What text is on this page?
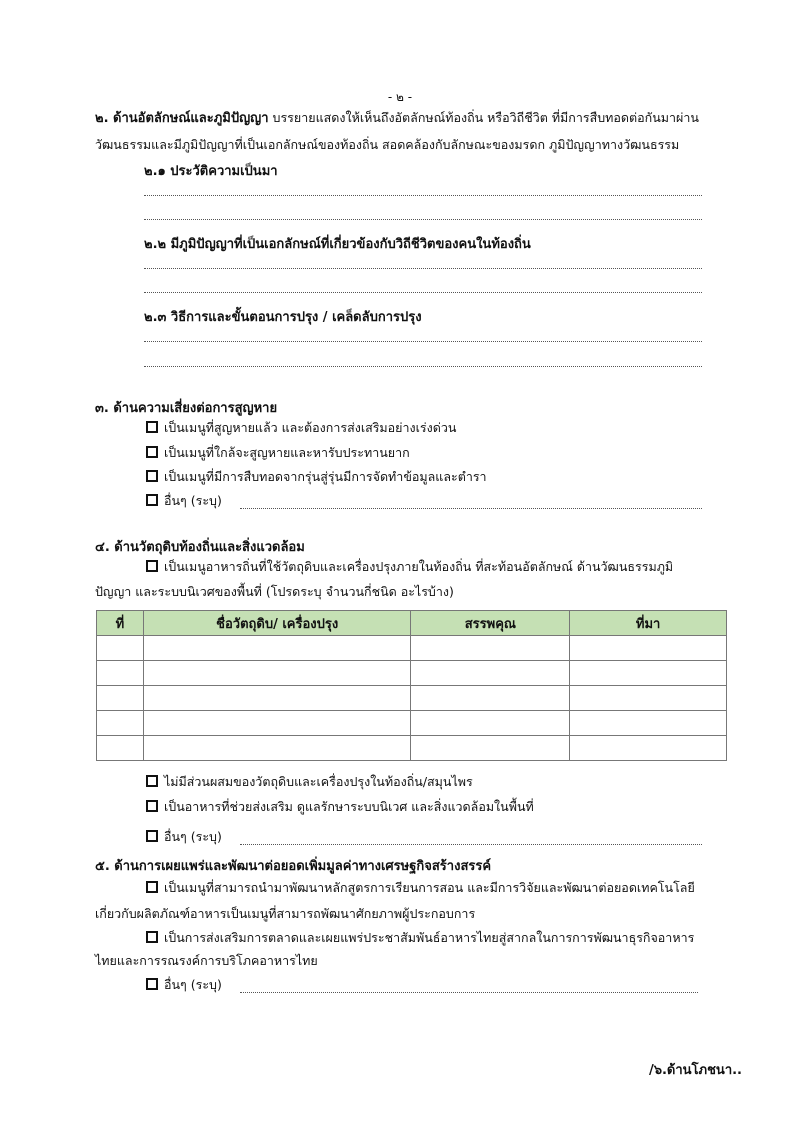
- ๒ -
๒. ด้านอัตลักษณ์และภูมิปัญญา บรรยายแสดงให้เห็นถึงอัตลักษณ์ท้องถิ่น หรือวิถีชีวิต ที่มีการสืบทอดต่อกันมาผ่าน
วัฒนธรรมและมีภูมิปัญญาที่เป็นเอกลักษณ์ของท้องถิ่น สอดคล้องกับลักษณะของมรดก ภูมิปัญญาทางวัฒนธรรม
๒.๑ ประวัติความเป็นมา
๒.๒ มีภูมิปัญญาที่เป็นเอกลักษณ์ที่เกี่ยวข้องกับวิถีชีวิตของคนในท้องถิ่น
๒.๓ วิธีการและขั้นตอนการปรุง / เคล็ดลับการปรุง
๓. ด้านความเสี่ยงต่อการสูญหาย
เป็นเมนูที่สูญหายแล้ว และต้องการส่งเสริมอย่างเร่งด่วน
เป็นเมนูที่ใกล้จะสูญหายและหารับประทานยาก
เป็นเมนูที่มีการสืบทอดจากรุ่นสู่รุ่นมีการจัดทำข้อมูลและตำรา
อื่นๆ (ระบุ)
๔. ด้านวัตถุดิบท้องถิ่นและสิ่งแวดล้อม
เป็นเมนูอาหารถิ่นที่ใช้วัตถุดิบและเครื่องปรุงภายในท้องถิ่น ที่สะท้อนอัตลักษณ์ ด้านวัฒนธรรมภูมิ
ปัญญา และระบบนิเวศของพื้นที่ (โปรดระบุ จำนวนกี่ชนิด อะไรบ้าง)
ที่	ชื่อวัตถุดิบ/ เครื่องปรุง	สรรพคุณ	ที่มา

ไม่มีส่วนผสมของวัตถุดิบและเครื่องปรุงในท้องถิ่น/สมุนไพร
เป็นอาหารที่ช่วยส่งเสริม ดูแลรักษาระบบนิเวศ และสิ่งแวดล้อมในพื้นที่
อื่นๆ (ระบุ)
๕. ด้านการเผยแพร่และพัฒนาต่อยอดเพิ่มมูลค่าทางเศรษฐกิจสร้างสรรค์
เป็นเมนูที่สามารถนำมาพัฒนาหลักสูตรการเรียนการสอน และมีการวิจัยและพัฒนาต่อยอดเทคโนโลยี
เกี่ยวกับผลิตภัณฑ์อาหารเป็นเมนูที่สามารถพัฒนาศักยภาพผู้ประกอบการ
เป็นการส่งเสริมการตลาดและเผยแพร่ประชาสัมพันธ์อาหารไทยสู่สากลในการการพัฒนาธุรกิจอาหาร
ไทยและการรณรงค์การบริโภคอาหารไทย
อื่นๆ (ระบุ)
/๖.ด้านโภชนา..
